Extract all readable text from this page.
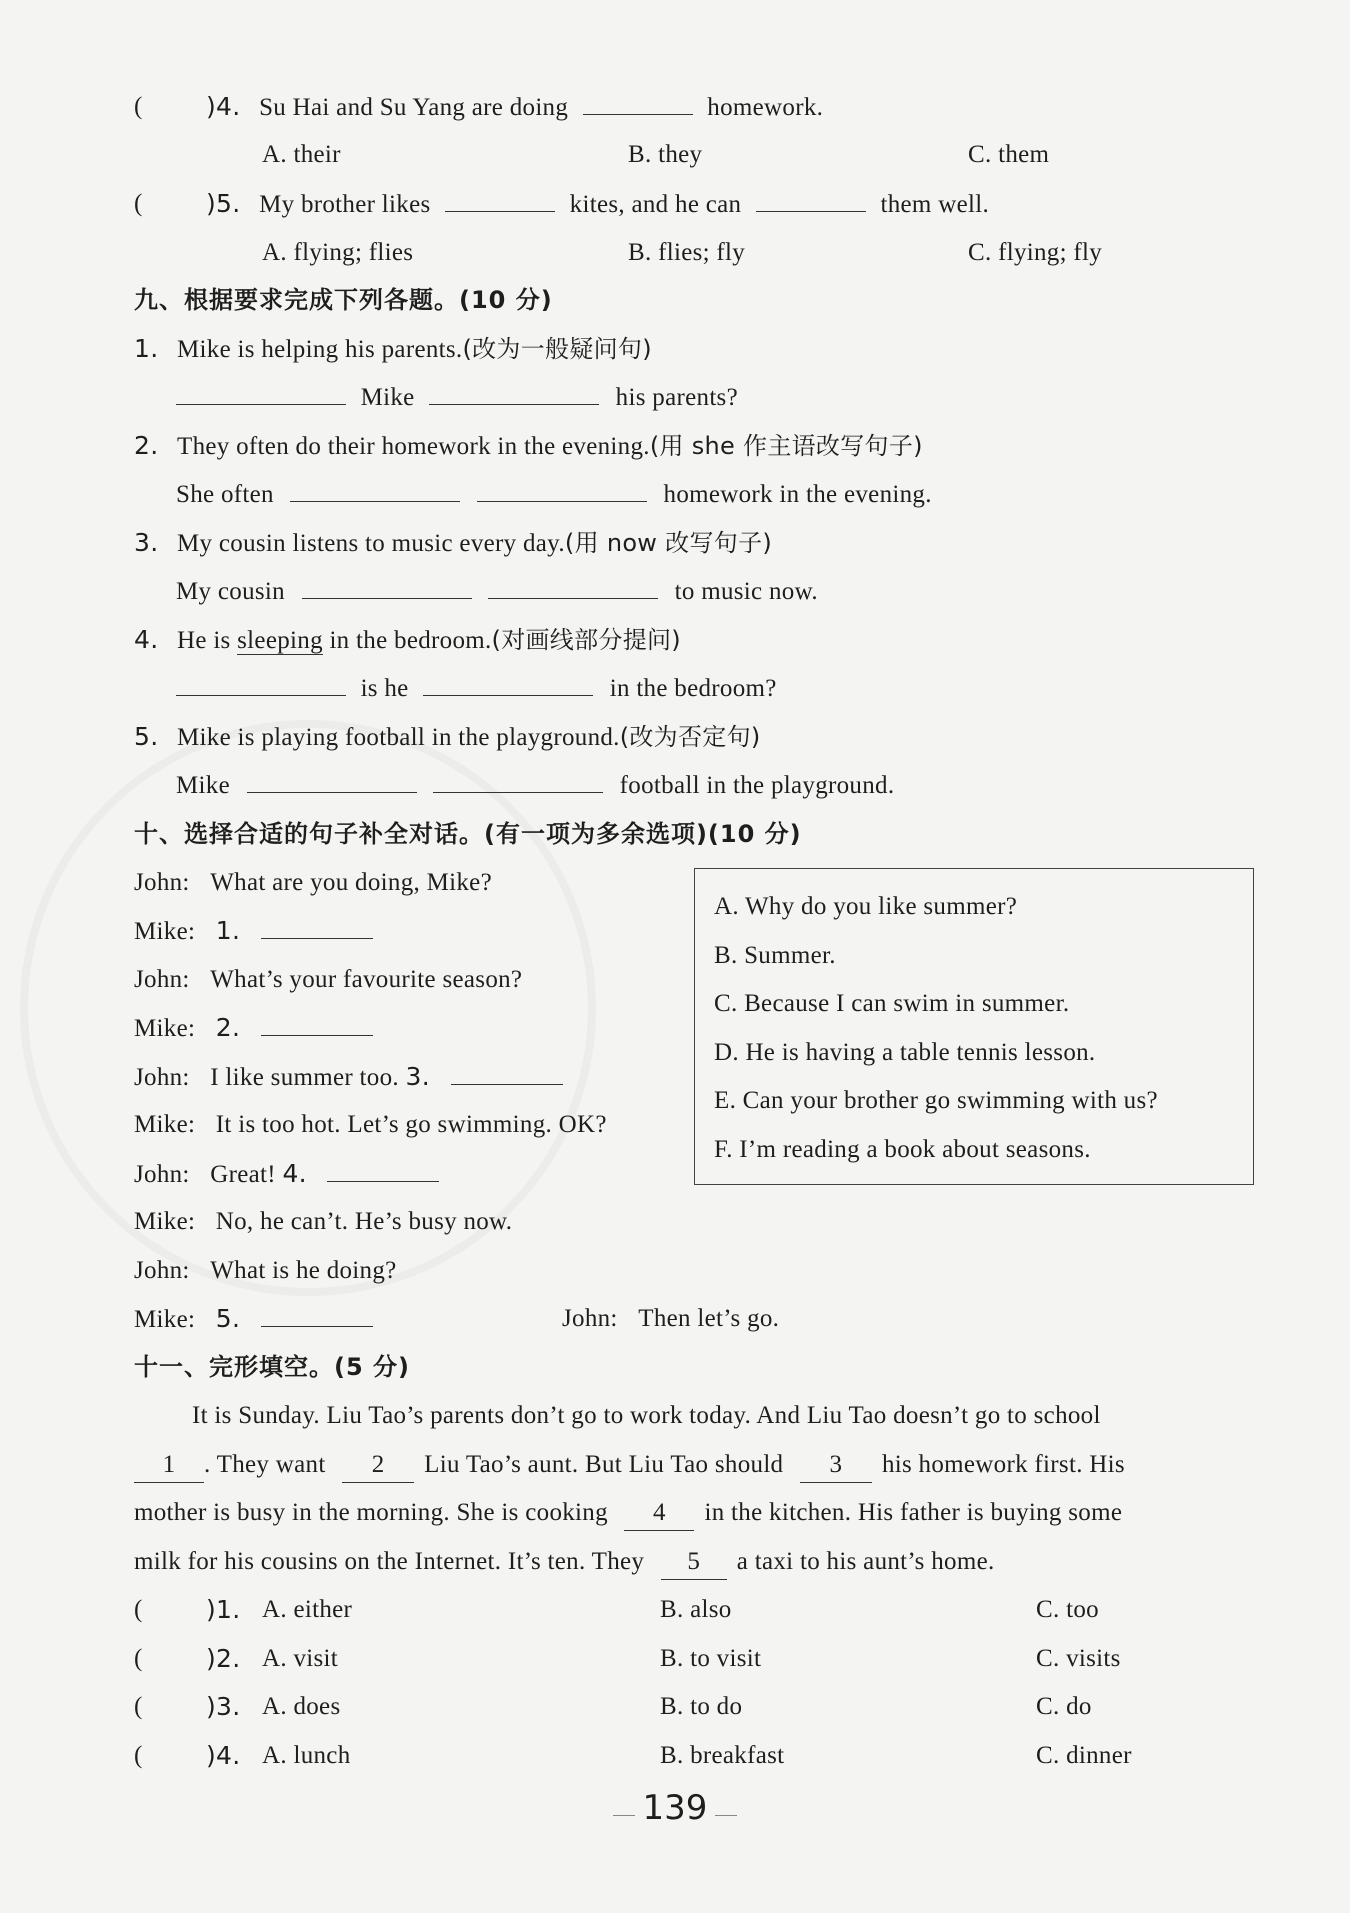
(	)4. Su Hai and Su Yang are doing	homework.
A. their	B. they	C. them
(	)5. My brother likes	kites, and he can	them well.
A. flying; flies	B. flies; fly	C. flying; fly
九、根据要求完成下列各题。(10 分)
1. Mike is helping his parents.(改为一般疑问句)
Mike	his parents?
2. They often do their homework in the evening.(用 she 作主语改写句子)
She often	homework in the evening.
3. My cousin listens to music every day.(用 now 改写句子)
My cousin	to music now.
4. He is sleeping in the bedroom.(对画线部分提问)
is he	in the bedroom?
5. Mike is playing football in the playground.(改为否定句)
Mike	football in the playground.
十、选择合适的句子补全对话。(有一项为多余选项)(10 分)
John: What are you doing, Mike?
Mike: 1.
John: What’s your favourite season?
Mike: 2.
John: I like summer too. 3.
Mike: It is too hot. Let’s go swimming. OK?
John: Great! 4.
Mike: No, he can’t. He’s busy now.
John: What is he doing?
Mike: 5.	John: Then let’s go.
A. Why do you like summer?
B. Summer.
C. Because I can swim in summer.
D. He is having a table tennis lesson.
E. Can your brother go swimming with us?
F. I’m reading a book about seasons.
十一、完形填空。(5 分)
It is Sunday. Liu Tao’s parents don’t go to work today. And Liu Tao doesn’t go to school
1 . They want 2 Liu Tao’s aunt. But Liu Tao should 3 his homework first. His
mother is busy in the morning. She is cooking 4 in the kitchen. His father is buying some
milk for his cousins on the Internet. It’s ten. They 5 a taxi to his aunt’s home.
(	)1. A. either	B. also	C. too
(	)2. A. visit	B. to visit	C. visits
(	)3. A. does	B. to do	C. do
(	)4. A. lunch	B. breakfast	C. dinner
139
